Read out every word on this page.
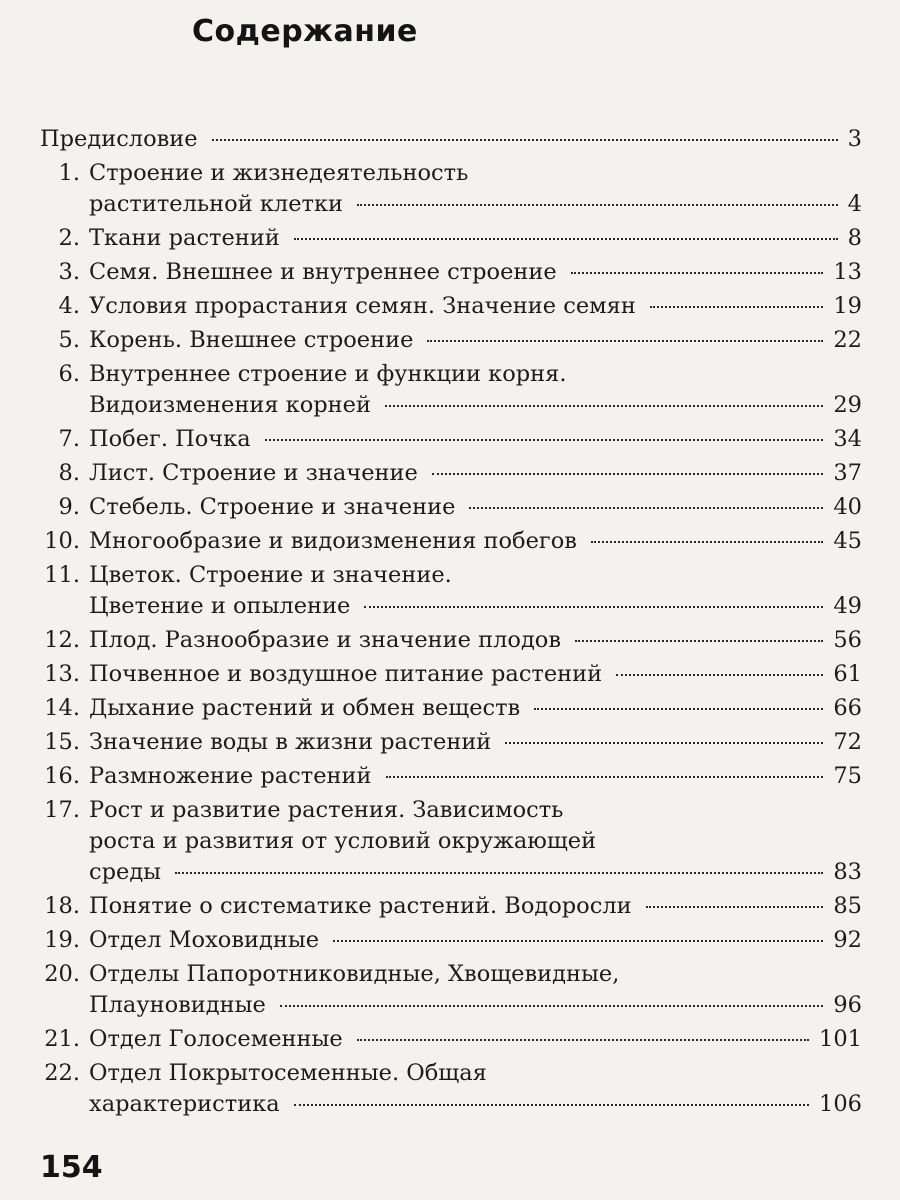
Содержание
Предисловие	3
1. Строение и жизнедеятельность
растительной клетки	4
2. Ткани растений	8
3. Семя. Внешнее и внутреннее строение	13
4. Условия прорастания семян. Значение семян	19
5. Корень. Внешнее строение	22
6. Внутреннее строение и функции корня.
Видоизменения корней	29
7. Побег. Почка	34
8. Лист. Строение и значение	37
9. Стебель. Строение и значение	40
10. Многообразие и видоизменения побегов	45
11. Цветок. Строение и значение.
Цветение и опыление	49
12. Плод. Разнообразие и значение плодов	56
13. Почвенное и воздушное питание растений	61
14. Дыхание растений и обмен веществ	66
15. Значение воды в жизни растений	72
16. Размножение растений	75
17. Рост и развитие растения. Зависимость
роста и развития от условий окружающей
среды	83
18. Понятие о систематике растений. Водоросли	85
19. Отдел Моховидные	92
20. Отделы Папоротниковидные, Хвощевидные,
Плауновидные	96
21. Отдел Голосеменные	101
22. Отдел Покрытосеменные. Общая
характеристика	106
154
